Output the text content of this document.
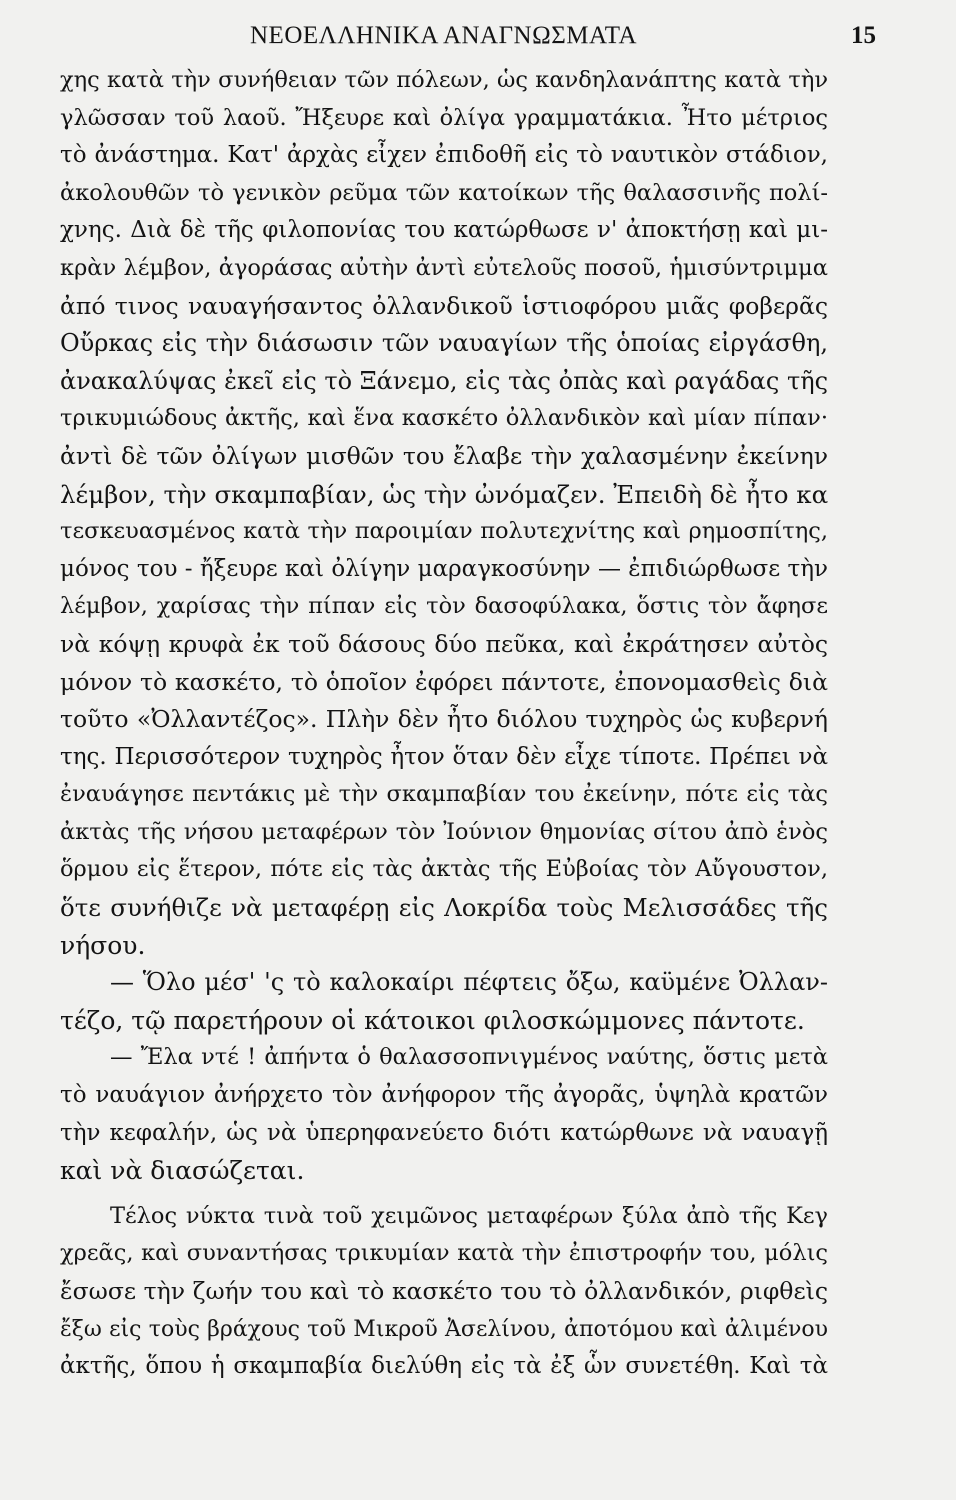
ΝΕΟΕΛΛΗΝΙΚΑ ΑΝΑΓΝΩΣΜΑΤΑ	15
χης κατὰ τὴν συνήθειαν τῶν πόλεων, ὡς κανδηλανάπτης κατὰ τὴν
γλῶσσαν τοῦ λαοῦ. Ἤξευρε καὶ ὀλίγα γραμματάκια. Ἦτο μέτριος
τὸ ἀνάστημα. Κατ' ἀρχὰς εἶχεν ἐπιδοθῆ εἰς τὸ ναυτικὸν στάδιον,
ἀκολουθῶν τὸ γενικὸν ρεῦμα τῶν κατοίκων τῆς θαλασσινῆς πολί-
χνης. Διὰ δὲ τῆς φιλοπονίας του κατώρθωσε ν' ἀποκτήσῃ καὶ μι-
κρὰν λέμβον, ἀγοράσας αὐτὴν ἀντὶ εὐτελοῦς ποσοῦ, ἡμισύντριμμα
ἀπό τινος ναυαγήσαντος ὀλλανδικοῦ ἱστιοφόρου μιᾶς φοβερᾶς
Οὔρκας εἰς τὴν διάσωσιν τῶν ναυαγίων τῆς ὁποίας εἰργάσθη,
ἀνακαλύψας ἐκεῖ εἰς τὸ Ξάνεμο, εἰς τὰς ὀπὰς καὶ ραγάδας τῆς
τρικυμιώδους ἀκτῆς, καὶ ἕνα κασκέτο ὀλλανδικὸν καὶ μίαν πίπαν·
ἀντὶ δὲ τῶν ὀλίγων μισθῶν του ἔλαβε τὴν χαλασμένην ἐκείνην
λέμβον, τὴν σκαμπαβίαν, ὡς τὴν ὠνόμαζεν. Ἐπειδὴ δὲ ἦτο κα
τεσκευασμένος κατὰ τὴν παροιμίαν πολυτεχνίτης καὶ ρημοσπίτης,
μόνος του - ἤξευρε καὶ ὀλίγην μαραγκοσύνην — ἐπιδιώρθωσε τὴν
λέμβον, χαρίσας τὴν πίπαν εἰς τὸν δασοφύλακα, ὅστις τὸν ἄφησε
νὰ κόψῃ κρυφὰ ἐκ τοῦ δάσους δύο πεῦκα, καὶ ἐκράτησεν αὐτὸς
μόνον τὸ κασκέτο, τὸ ὁποῖον ἐφόρει πάντοτε, ἐπονομασθεὶς διὰ
τοῦτο «Ὀλλαντέζος». Πλὴν δὲν ἦτο διόλου τυχηρὸς ὡς κυβερνή
της. Περισσότερον τυχηρὸς ἦτον ὅταν δὲν εἶχε τίποτε. Πρέπει νὰ
ἐναυάγησε πεντάκις μὲ τὴν σκαμπαβίαν του ἐκείνην, πότε εἰς τὰς
ἀκτὰς τῆς νήσου μεταφέρων τὸν Ἰούνιον θημονίας σίτου ἀπὸ ἑνὸς
ὅρμου εἰς ἕτερον, πότε εἰς τὰς ἀκτὰς τῆς Εὐβοίας τὸν Αὔγουστον,
ὅτε συνήθιζε νὰ μεταφέρῃ εἰς Λοκρίδα τοὺς Μελισσάδες τῆς
νήσου.
— Ὅλο μέσ' 'ς τὸ καλοκαίρι πέφτεις ὄξω, καϋμένε Ὀλλαν-
τέζο, τῷ παρετήρουν οἱ κάτοικοι φιλοσκώμμονες πάντοτε.
— Ἔλα ντέ ! ἀπήντα ὁ θαλασσοπνιγμένος ναύτης, ὅστις μετὰ
τὸ ναυάγιον ἀνήρχετο τὸν ἀνήφορον τῆς ἀγορᾶς, ὑψηλὰ κρατῶν
τὴν κεφαλήν, ὡς νὰ ὑπερηφανεύετο διότι κατώρθωνε νὰ ναυαγῇ
καὶ νὰ διασώζεται.
Τέλος νύκτα τινὰ τοῦ χειμῶνος μεταφέρων ξύλα ἀπὸ τῆς Κεγ
χρεᾶς, καὶ συναντήσας τρικυμίαν κατὰ τὴν ἐπιστροφήν του, μόλις
ἔσωσε τὴν ζωήν του καὶ τὸ κασκέτο του τὸ ὀλλανδικόν, ριφθεὶς
ἔξω εἰς τοὺς βράχους τοῦ Μικροῦ Ἀσελίνου, ἀποτόμου καὶ ἀλιμένου
ἀκτῆς, ὅπου ἡ σκαμπαβία διελύθη εἰς τὰ ἐξ ὧν συνετέθη. Καὶ τὰ
